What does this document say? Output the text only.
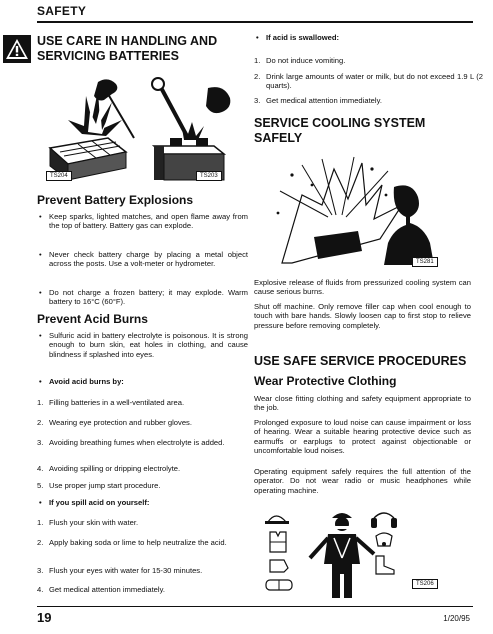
SAFETY
USE CARE IN HANDLING AND
SERVICING BATTERIES
TS204	TS203
Prevent Battery Explosions
• Keep sparks, lighted matches, and open flame away from the top of battery. Battery gas can explode.
• Never check battery charge by placing a metal object across the posts. Use a volt-meter or hydrometer.
• Do not charge a frozen battery; it may explode. Warm battery to 16°C (60°F).
Prevent Acid Burns
• Sulfuric acid in battery electrolyte is poisonous. It is strong enough to burn skin, eat holes in clothing, and cause blindness if splashed into eyes.
• Avoid acid burns by:
1. Filling batteries in a well-ventilated area.
2. Wearing eye protection and rubber gloves.
3. Avoiding breathing fumes when electrolyte is added.
4. Avoiding spilling or dripping electrolyte.
5. Use proper jump start procedure.
• If you spill acid on yourself:
1. Flush your skin with water.
2. Apply baking soda or lime to help neutralize the acid.
3. Flush your eyes with water for 15-30 minutes.
4. Get medical attention immediately.
• If acid is swallowed:
1. Do not induce vomiting.
2. Drink large amounts of water or milk, but do not exceed 1.9 L (2 quarts).
3. Get medical attention immediately.
SERVICE COOLING SYSTEM
SAFELY
TS281
Explosive release of fluids from pressurized cooling system can cause serious burns.
Shut off machine. Only remove filler cap when cool enough to touch with bare hands. Slowly loosen cap to first stop to relieve pressure before removing completely.
USE SAFE SERVICE PROCEDURES
Wear Protective Clothing
Wear close fitting clothing and safety equipment appropriate to the job.
Prolonged exposure to loud noise can cause impairment or loss of hearing. Wear a suitable hearing protective device such as earmuffs or earplugs to protect against objectionable or uncomfortable loud noises.
Operating equipment safely requires the full attention of the operator. Do not wear radio or music headphones while operating machine.
TS206
19	1/20/95
